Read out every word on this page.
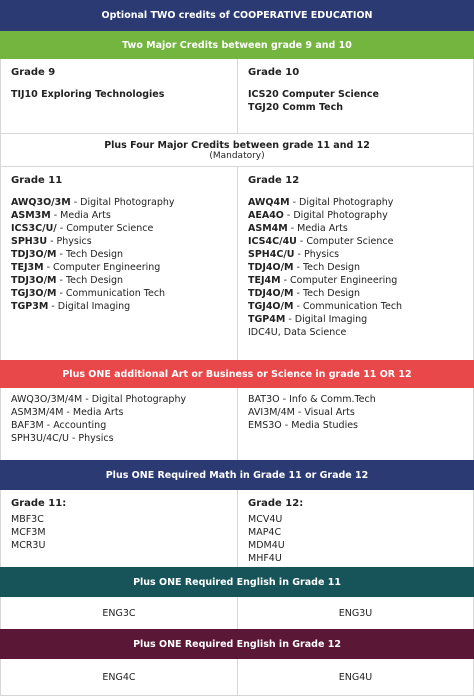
Optional TWO credits of COOPERATIVE EDUCATION
Two Major Credits between grade 9 and 10
Grade 9
TIJ10 Exploring Technologies
Grade 10
ICS20 Computer Science
TGJ20 Comm Tech
Plus Four Major Credits between grade 11 and 12
(Mandatory)
Grade 11
AWQ3O/3M - Digital Photography
ASM3M - Media Arts
ICS3C/U/ - Computer Science
SPH3U - Physics
TDJ3O/M - Tech Design
TEJ3M - Computer Engineering
TDJ3O/M - Tech Design
TGJ3O/M - Communication Tech
TGP3M - Digital Imaging
Grade 12
AWQ4M - Digital Photography
AEA4O - Digital Photography
ASM4M - Media Arts
ICS4C/4U - Computer Science
SPH4C/U - Physics
TDJ4O/M - Tech Design
TEJ4M - Computer Engineering
TDJ4O/M - Tech Design
TGJ4O/M - Communication Tech
TGP4M - Digital Imaging
IDC4U, Data Science
Plus ONE additional Art or Business or Science in grade 11 OR 12
AWQ3O/3M/4M - Digital Photography
ASM3M/4M - Media Arts
BAF3M - Accounting
SPH3U/4C/U - Physics
BAT3O - Info & Comm.Tech
AVI3M/4M - Visual Arts
EMS3O - Media Studies
Plus ONE Required Math in Grade 11 or Grade 12
Grade 11:
MBF3C
MCF3M
MCR3U
Grade 12:
MCV4U
MAP4C
MDM4U
MHF4U
Plus ONE Required English in Grade 11
ENG3C	ENG3U
Plus ONE Required English in Grade 12
ENG4C	ENG4U
